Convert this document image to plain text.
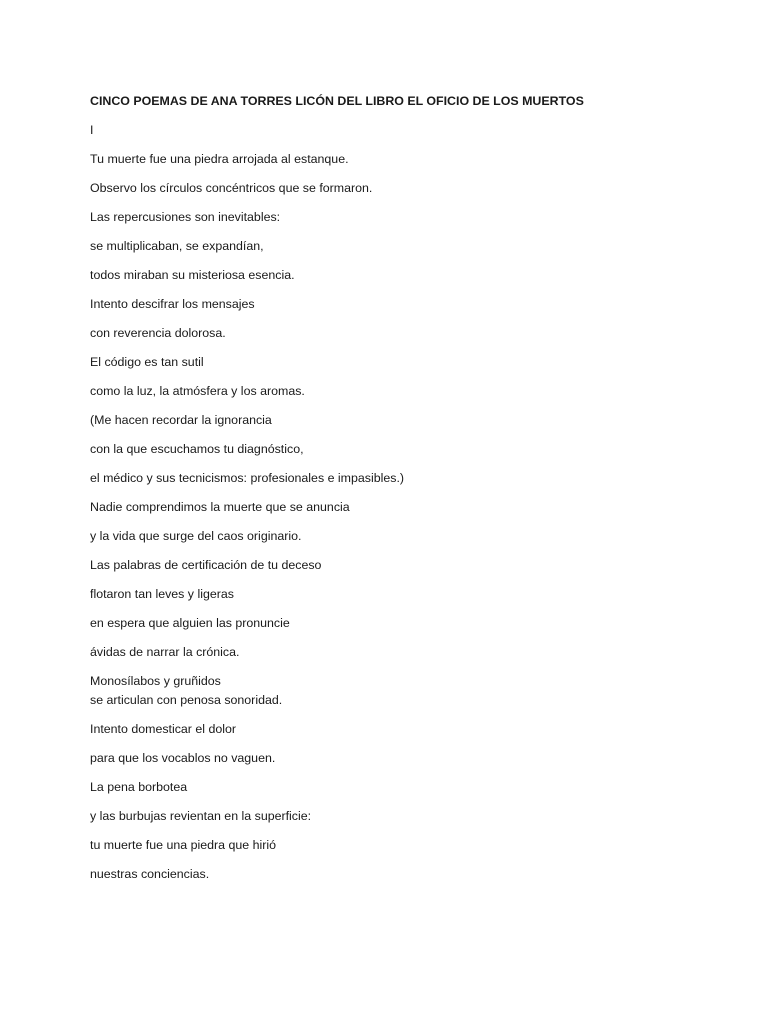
CINCO POEMAS DE ANA TORRES LICÓN DEL LIBRO EL OFICIO DE LOS MUERTOS
I
Tu muerte fue una piedra arrojada al estanque.
Observo los círculos concéntricos que se formaron.
Las repercusiones son inevitables:
se multiplicaban, se expandían,
todos miraban su misteriosa esencia.
Intento descifrar los mensajes
con reverencia dolorosa.
El código es tan sutil
como la luz, la atmósfera y los aromas.
(Me hacen recordar la ignorancia
con la que escuchamos tu diagnóstico,
el médico y sus tecnicismos: profesionales e impasibles.)
Nadie comprendimos la muerte que se anuncia
y la vida que surge del caos originario.
Las palabras de certificación de tu deceso
flotaron tan leves y ligeras
en espera que alguien las pronuncie
ávidas de narrar la crónica.
Monosílabos y gruñidos
se articulan con penosa sonoridad.
Intento domesticar el dolor
para que los vocablos no vaguen.
La pena borbotea
y las burbujas revientan en la superficie:
tu muerte fue una piedra que hirió
nuestras conciencias.
